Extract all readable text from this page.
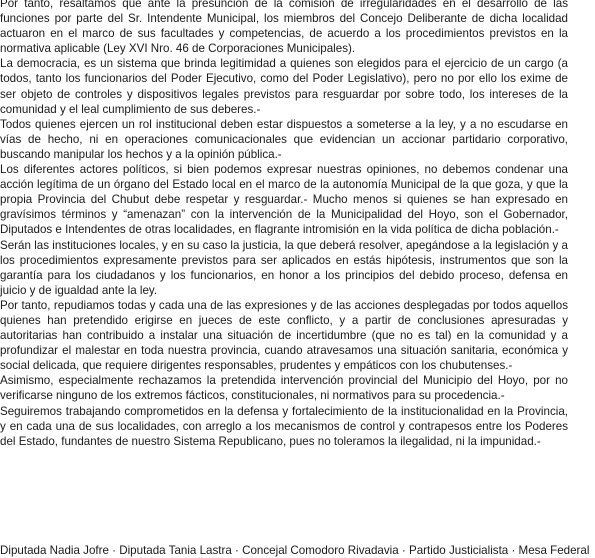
Por tanto, resaltamos que ante la presunción de la comisión de irregularidades en el desarrollo de las funciones por parte del Sr. Intendente Municipal, los miembros del Concejo Deliberante de dicha localidad actuaron en el marco de sus facultades y competencias, de acuerdo a los procedimientos previstos en la normativa aplicable (Ley XVI Nro. 46 de Corporaciones Municipales).

La democracia, es un sistema que brinda legitimidad a quienes son elegidos para el ejercicio de un cargo (a todos, tanto los funcionarios del Poder Ejecutivo, como del Poder Legislativo), pero no por ello los exime de ser objeto de controles y dispositivos legales previstos para resguardar por sobre todo, los intereses de la comunidad y el leal cumplimiento de sus deberes.-

Todos quienes ejercen un rol institucional deben estar dispuestos a someterse a la ley, y a no escudarse en vías de hecho, ni en operaciones comunicacionales que evidencian un accionar partidario corporativo, buscando manipular los hechos y a la opinión pública.-

Los diferentes actores políticos, si bien podemos expresar nuestras opiniones, no debemos condenar una acción legítima de un órgano del Estado local en el marco de la autonomía Municipal de la que goza, y que la propia Provincia del Chubut debe respetar y resguardar.- Mucho menos si quienes se han expresado en gravísimos términos y “amenazan” con la intervención de la Municipalidad del Hoyo, son el Gobernador, Diputados e Intendentes de otras localidades, en flagrante intromisión en la vida política de dicha población.-

Serán las instituciones locales, y en su caso la justicia, la que deberá resolver, apegándose a la legislación y a los procedimientos expresamente previstos para ser aplicados en estás hipótesis, instrumentos que son la garantía para los ciudadanos y los funcionarios, en honor a los principios del debido proceso, defensa en juicio y de igualdad ante la ley.

Por tanto, repudiamos todas y cada una de las expresiones y de las acciones desplegadas por todos aquellos quienes han pretendido erigirse en jueces de este conflicto, y a partir de conclusiones apresuradas y autoritarias han contribuido a instalar una situación de incertidumbre (que no es tal) en la comunidad y a profundizar el malestar en toda nuestra provincia, cuando atravesamos una situación sanitaria, económica y social delicada, que requiere dirigentes responsables, prudentes y empáticos con los chubutenses.-

Asimismo, especialmente rechazamos la pretendida intervención provincial del Municipio del Hoyo, por no verificarse ninguno de los extremos fácticos, constitucionales, ni normativos para su procedencia.-

Seguiremos trabajando comprometidos en la defensa y fortalecimiento de la institucionalidad en la Provincia, y en cada una de sus localidades, con arreglo a los mecanismos de control y contrapesos entre los Poderes del Estado, fundantes de nuestro Sistema Republicano, pues no toleramos la ilegalidad, ni la impunidad.-

Diputada Nadia Jofre · Diputada Tania Lastra · Concejal Comodoro Rivadavia · Partido Justicialista · Mesa Federal
